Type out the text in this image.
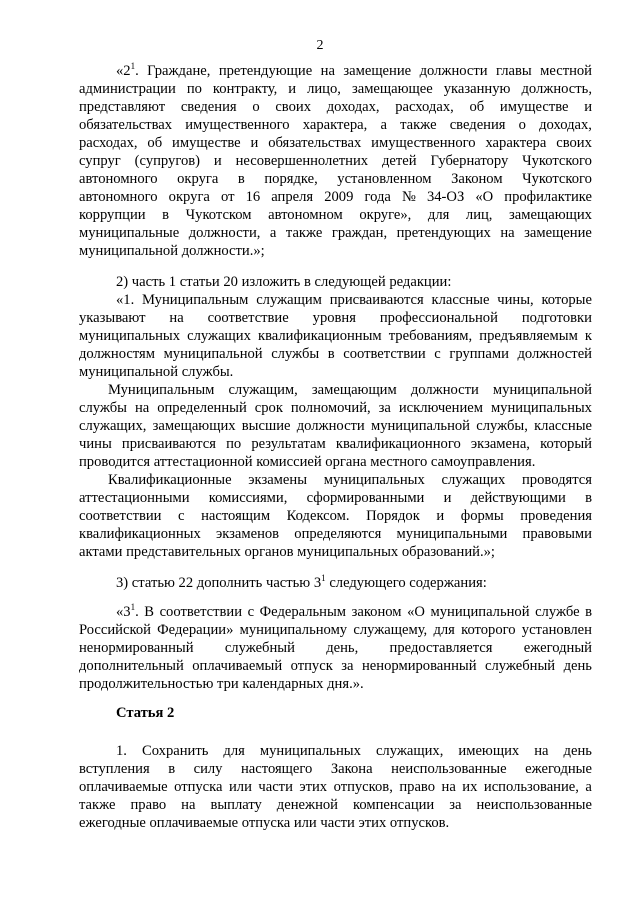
2
«$2^1$. Граждане, претендующие на замещение должности главы местной
администрации по контракту, и лицо, замещающее указанную должность,
представляют сведения о своих доходах, расходах, об имуществе и
обязательствах имущественного характера, а также сведения о доходах,
расходах, об имуществе и обязательствах имущественного характера своих
супруг (супругов) и несовершеннолетних детей Губернатору Чукотского
автономного округа в порядке, установленном Законом Чукотского
автономного округа от 16 апреля 2009 года № 34-ОЗ «О профилактике
коррупции в Чукотском автономном округе», для лиц, замещающих
муниципальные должности, а также граждан, претендующих на замещение
муниципальной должности.»;
2) часть 1 статьи 20 изложить в следующей редакции:
«1. Муниципальным служащим присваиваются классные чины, которые
указывают на соответствие уровня профессиональной подготовки
муниципальных служащих квалификационным требованиям, предъявляемым к
должностям муниципальной службы в соответствии с группами должностей
муниципальной службы.
Муниципальным служащим, замещающим должности муниципальной
службы на определенный срок полномочий, за исключением муниципальных
служащих, замещающих высшие должности муниципальной службы, классные
чины присваиваются по результатам квалификационного экзамена, который
проводится аттестационной комиссией органа местного самоуправления.
Квалификационные экзамены муниципальных служащих проводятся
аттестационными комиссиями, сформированными и действующими в
соответствии с настоящим Кодексом. Порядок и формы проведения
квалификационных экзаменов определяются муниципальными правовыми
актами представительных органов муниципальных образований.»;
3) статью 22 дополнить частью $3^1$ следующего содержания:
«$3^1$. В соответствии с Федеральным законом «О муниципальной службе в
Российской Федерации» муниципальному служащему, для которого установлен
ненормированный служебный день, предоставляется ежегодный
дополнительный оплачиваемый отпуск за ненормированный служебный день
продолжительностью три календарных дня.».
Статья 2
1. Сохранить для муниципальных служащих, имеющих на день
вступления в силу настоящего Закона неиспользованные ежегодные
оплачиваемые отпуска или части этих отпусков, право на их использование, а
также право на выплату денежной компенсации за неиспользованные
ежегодные оплачиваемые отпуска или части этих отпусков.
